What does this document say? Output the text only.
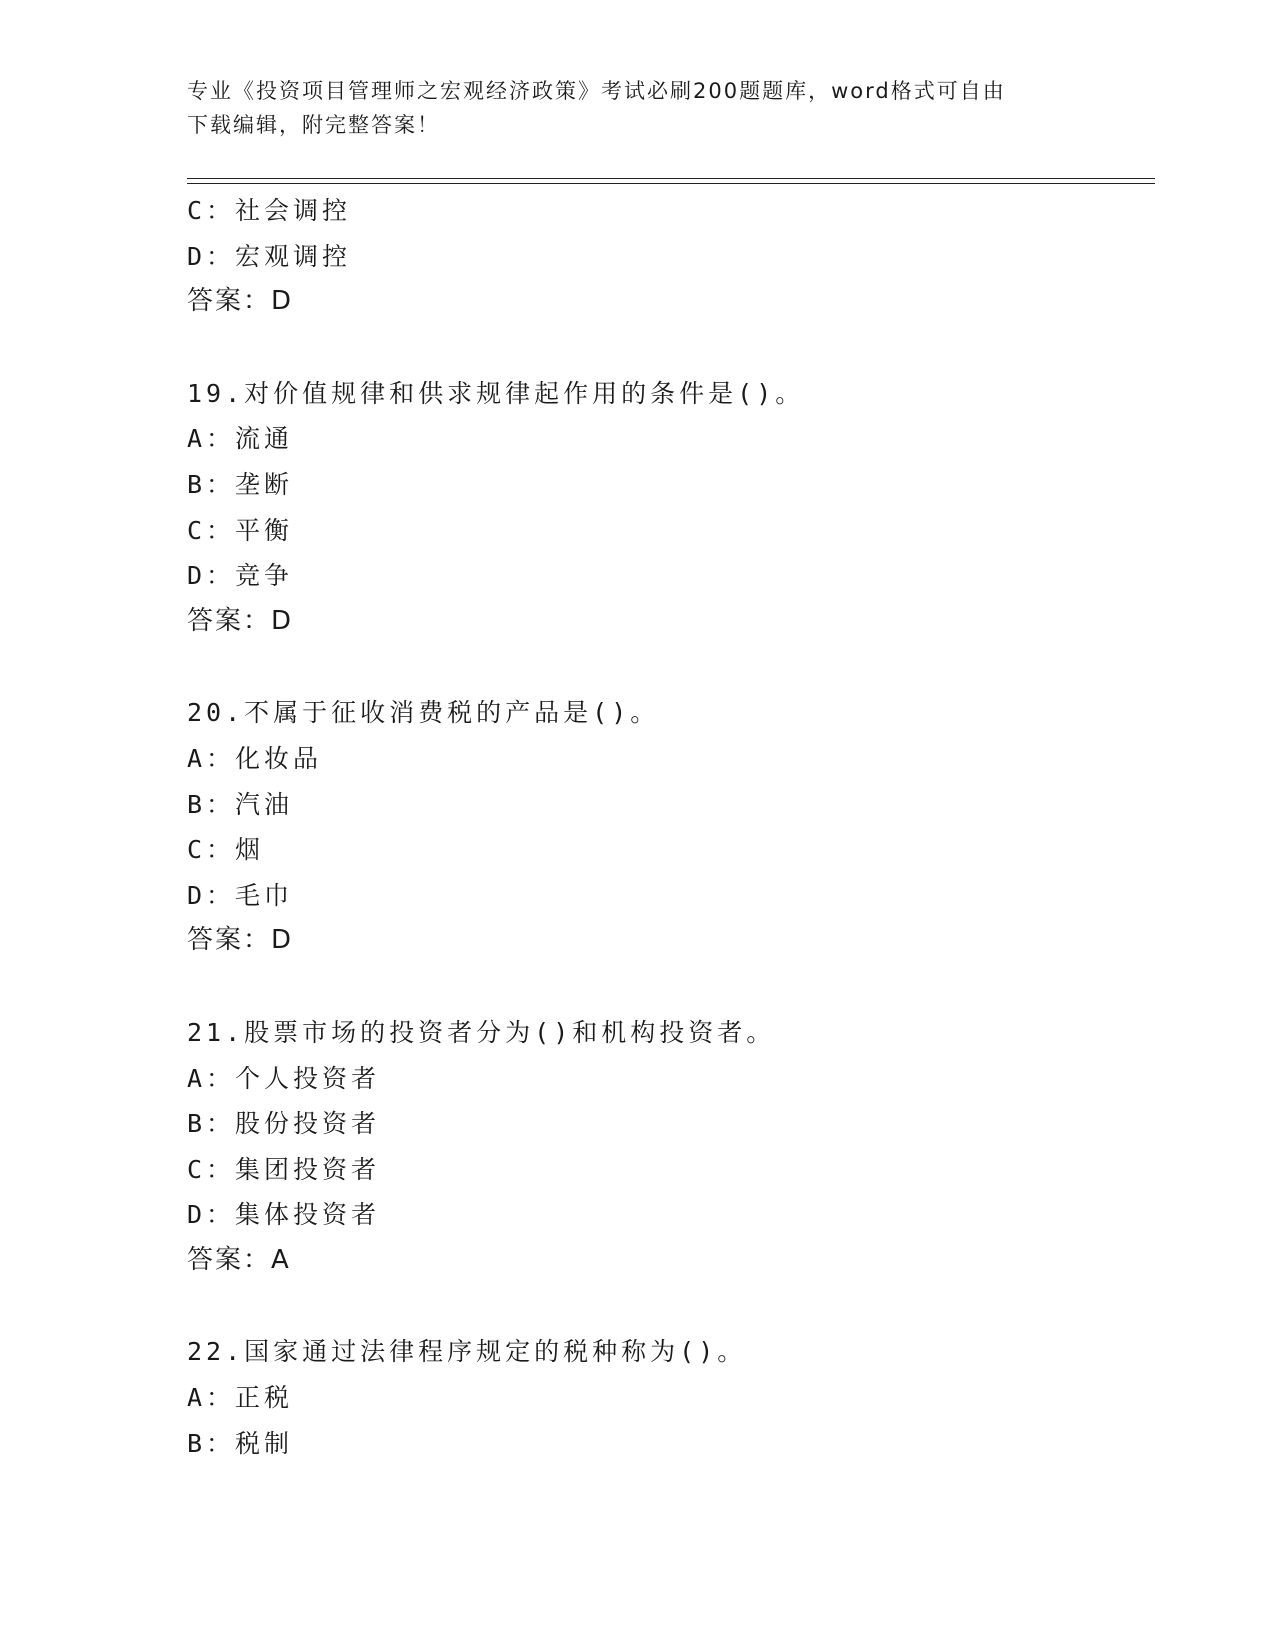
专业《投资项目管理师之宏观经济政策》考试必刷200题题库，word格式可自由
下载编辑，附完整答案！
C：社会调控
D：宏观调控
答案：D
19.对价值规律和供求规律起作用的条件是()。
A：流通
B：垄断
C：平衡
D：竞争
答案：D
20.不属于征收消费税的产品是()。
A：化妆品
B：汽油
C：烟
D：毛巾
答案：D
21.股票市场的投资者分为()和机构投资者。
A：个人投资者
B：股份投资者
C：集团投资者
D：集体投资者
答案：A
22.国家通过法律程序规定的税种称为()。
A：正税
B：税制
